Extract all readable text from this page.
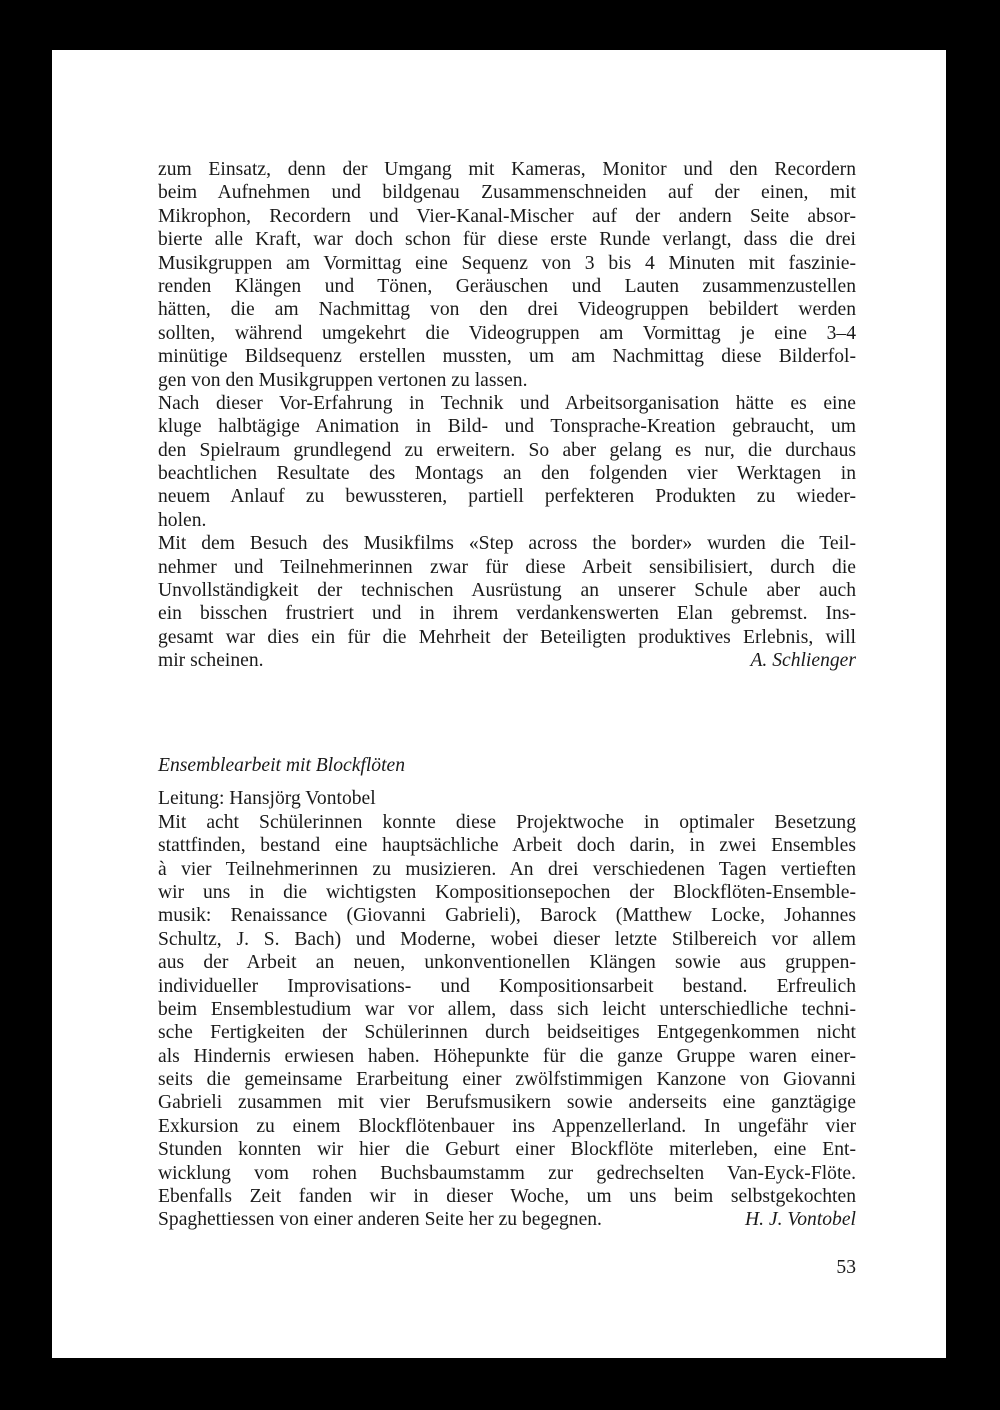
zum Einsatz, denn der Umgang mit Kameras, Monitor und den Recordern
beim Aufnehmen und bildgenau Zusammenschneiden auf der einen, mit
Mikrophon, Recordern und Vier-Kanal-Mischer auf der andern Seite absor-
bierte alle Kraft, war doch schon für diese erste Runde verlangt, dass die drei
Musikgruppen am Vormittag eine Sequenz von 3 bis 4 Minuten mit faszinie-
renden Klängen und Tönen, Geräuschen und Lauten zusammenzustellen
hätten, die am Nachmittag von den drei Videogruppen bebildert werden
sollten, während umgekehrt die Videogruppen am Vormittag je eine 3–4
minütige Bildsequenz erstellen mussten, um am Nachmittag diese Bilderfol-
gen von den Musikgruppen vertonen zu lassen.
Nach dieser Vor-Erfahrung in Technik und Arbeitsorganisation hätte es eine
kluge halbtägige Animation in Bild- und Tonsprache-Kreation gebraucht, um
den Spielraum grundlegend zu erweitern. So aber gelang es nur, die durchaus
beachtlichen Resultate des Montags an den folgenden vier Werktagen in
neuem Anlauf zu bewussteren, partiell perfekteren Produkten zu wieder-
holen.
Mit dem Besuch des Musikfilms «Step across the border» wurden die Teil-
nehmer und Teilnehmerinnen zwar für diese Arbeit sensibilisiert, durch die
Unvollständigkeit der technischen Ausrüstung an unserer Schule aber auch
ein bisschen frustriert und in ihrem verdankenswerten Elan gebremst. Ins-
gesamt war dies ein für die Mehrheit der Beteiligten produktives Erlebnis, will
mir scheinen.	A. Schlienger
Ensemblearbeit mit Blockflöten
Leitung: Hansjörg Vontobel
Mit acht Schülerinnen konnte diese Projektwoche in optimaler Besetzung
stattfinden, bestand eine hauptsächliche Arbeit doch darin, in zwei Ensembles
à vier Teilnehmerinnen zu musizieren. An drei verschiedenen Tagen vertieften
wir uns in die wichtigsten Kompositionsepochen der Blockflöten-Ensemble-
musik: Renaissance (Giovanni Gabrieli), Barock (Matthew Locke, Johannes
Schultz, J. S. Bach) und Moderne, wobei dieser letzte Stilbereich vor allem
aus der Arbeit an neuen, unkonventionellen Klängen sowie aus gruppen-
individueller Improvisations- und Kompositionsarbeit bestand. Erfreulich
beim Ensemblestudium war vor allem, dass sich leicht unterschiedliche techni-
sche Fertigkeiten der Schülerinnen durch beidseitiges Entgegenkommen nicht
als Hindernis erwiesen haben. Höhepunkte für die ganze Gruppe waren einer-
seits die gemeinsame Erarbeitung einer zwölfstimmigen Kanzone von Giovanni
Gabrieli zusammen mit vier Berufsmusikern sowie anderseits eine ganztägige
Exkursion zu einem Blockflötenbauer ins Appenzellerland. In ungefähr vier
Stunden konnten wir hier die Geburt einer Blockflöte miterleben, eine Ent-
wicklung vom rohen Buchsbaumstamm zur gedrechselten Van-Eyck-Flöte.
Ebenfalls Zeit fanden wir in dieser Woche, um uns beim selbstgekochten
Spaghettiessen von einer anderen Seite her zu begegnen.	H. J. Vontobel
53
